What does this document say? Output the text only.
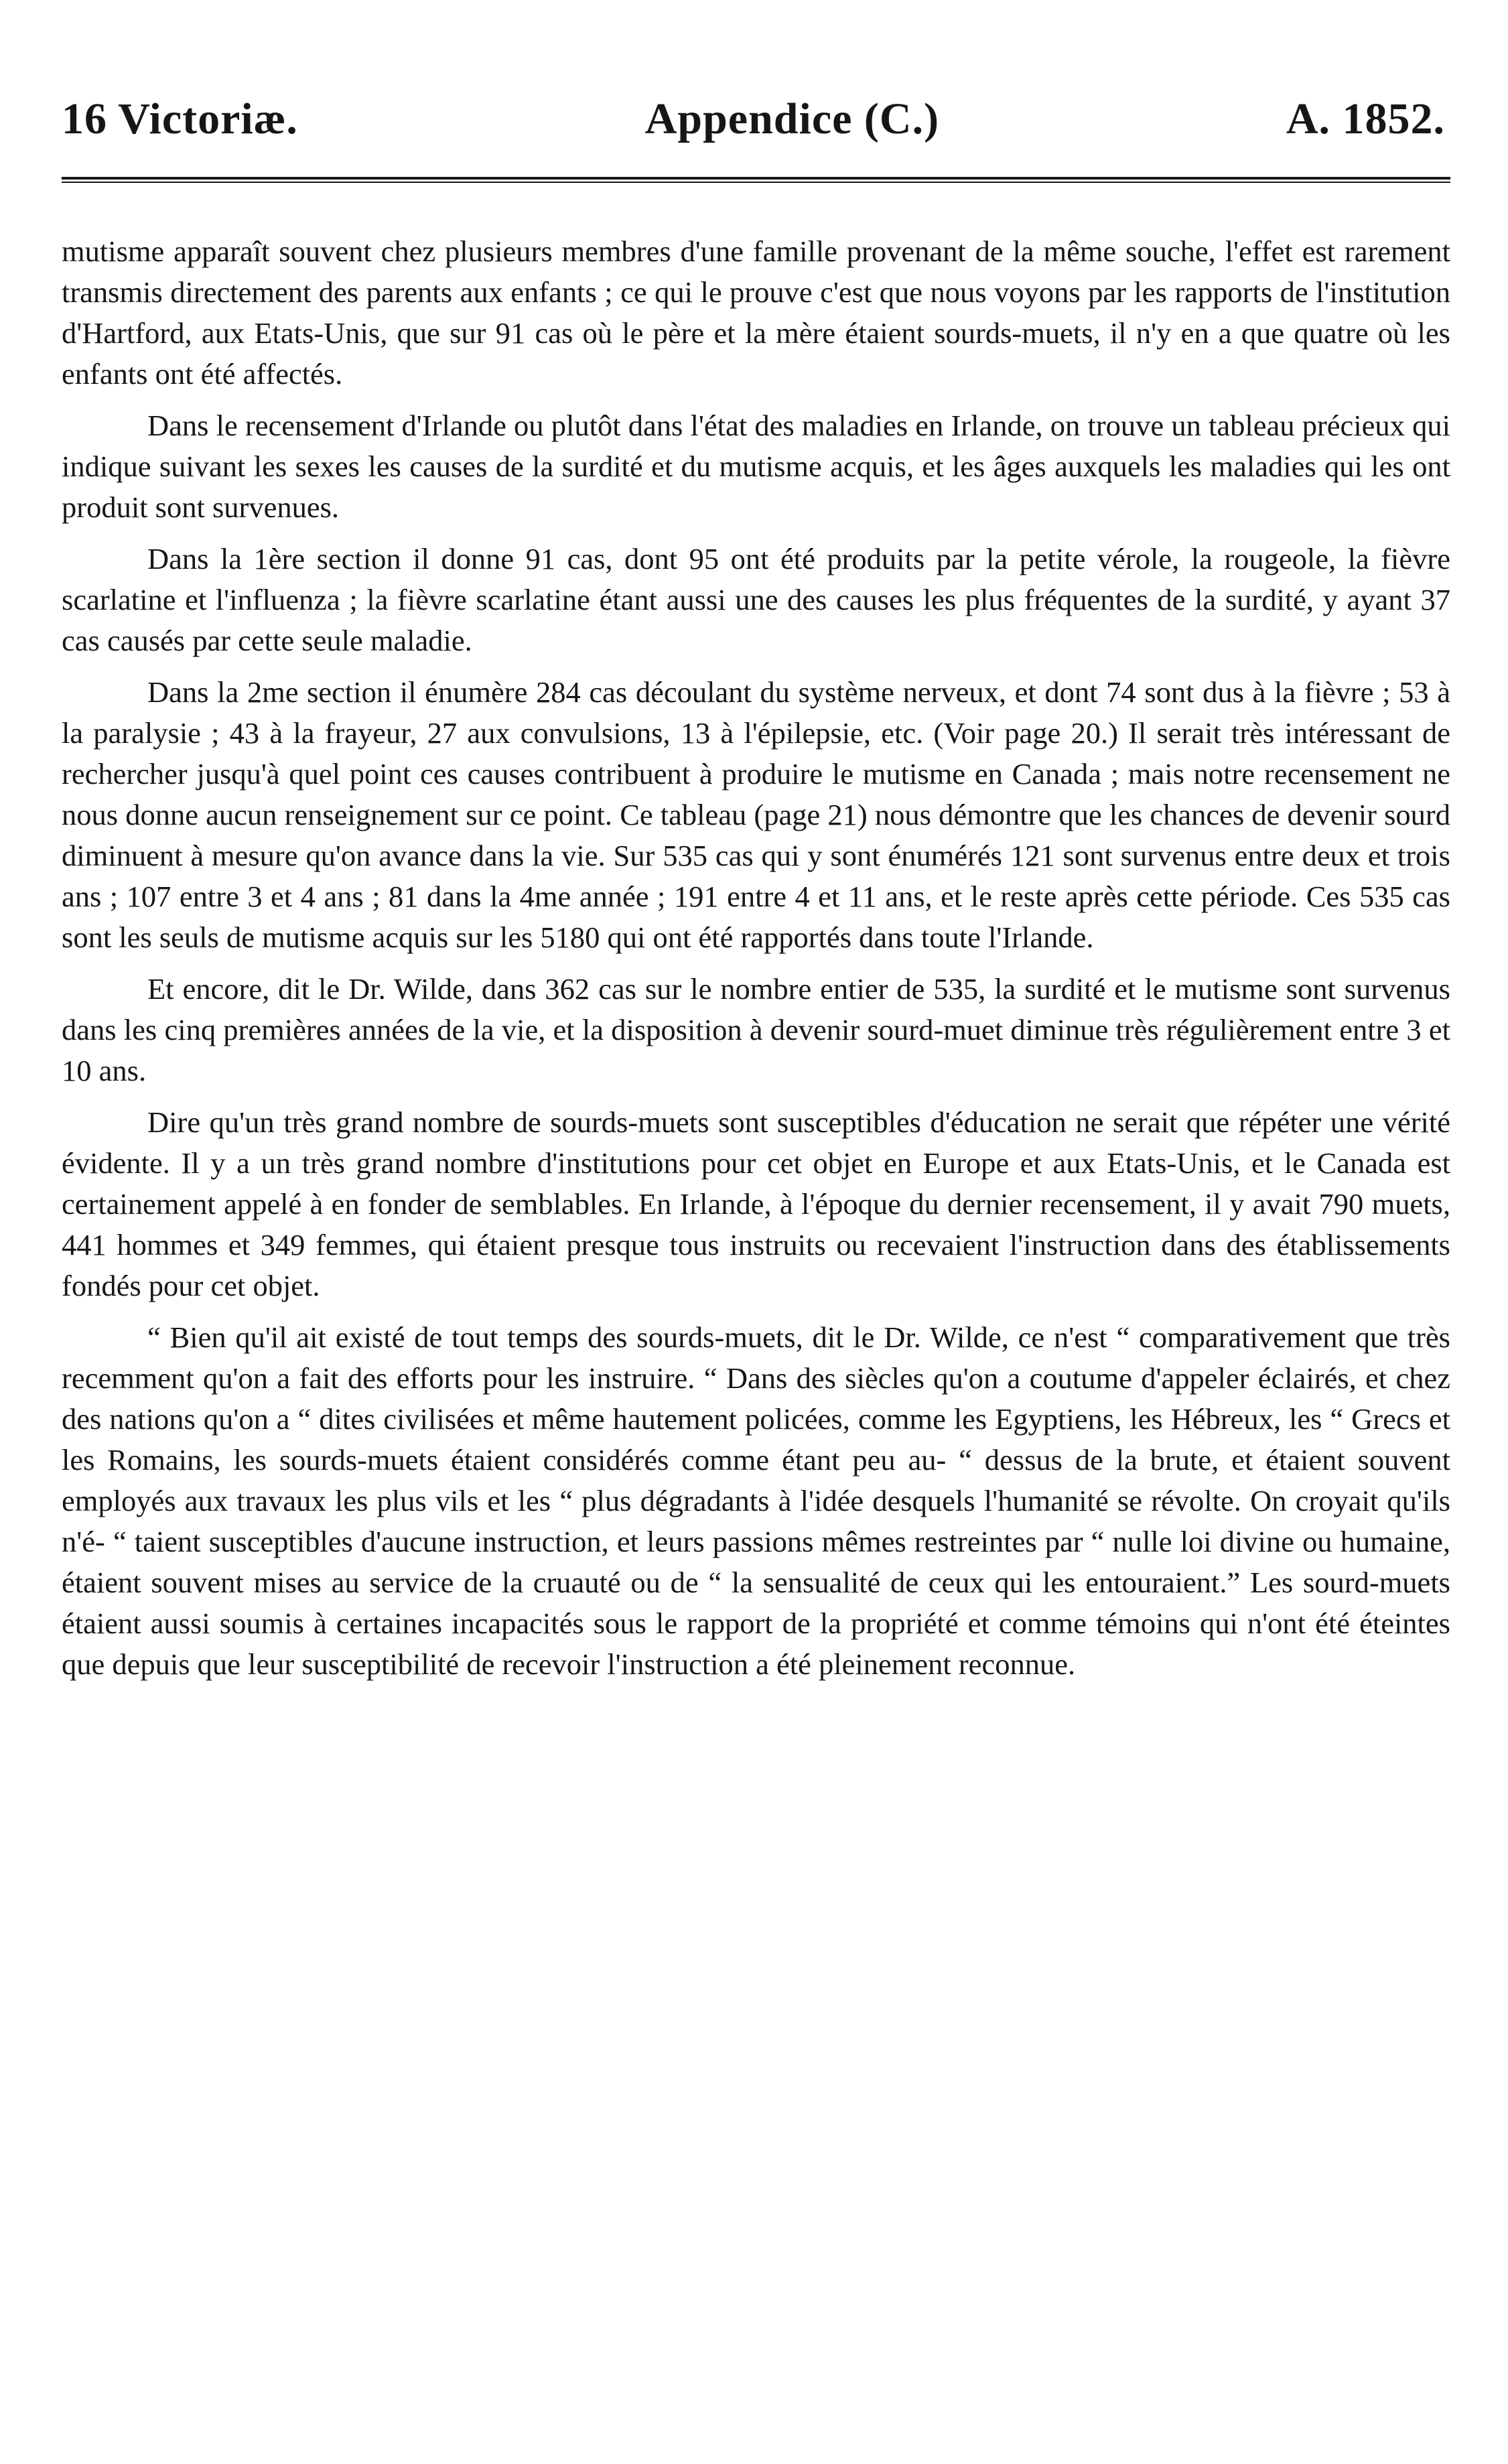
16 Victoriæ.	Appendice (C.)	A. 1852.

mutisme apparaît souvent chez plusieurs membres d'une famille provenant de la même souche, l'effet est rarement transmis directement des parents aux enfants ; ce qui le prouve c'est que nous voyons par les rapports de l'institution d'Hartford, aux Etats-Unis, que sur 91 cas où le père et la mère étaient sourds-muets, il n'y en a que quatre où les enfants ont été affectés.

Dans le recensement d'Irlande ou plutôt dans l'état des maladies en Irlande, on trouve un tableau précieux qui indique suivant les sexes les causes de la surdité et du mutisme acquis, et les âges auxquels les maladies qui les ont produit sont survenues.

Dans la 1ère section il donne 91 cas, dont 95 ont été produits par la petite vérole, la rougeole, la fièvre scarlatine et l'influenza ; la fièvre scarlatine étant aussi une des causes les plus fréquentes de la surdité, y ayant 37 cas causés par cette seule maladie.

Dans la 2me section il énumère 284 cas découlant du système nerveux, et dont 74 sont dus à la fièvre ; 53 à la paralysie ; 43 à la frayeur, 27 aux convulsions, 13 à l'épilepsie, etc. (Voir page 20.) Il serait très intéressant de rechercher jusqu'à quel point ces causes contribuent à produire le mutisme en Canada ; mais notre recensement ne nous donne aucun renseignement sur ce point. Ce tableau (page 21) nous démontre que les chances de devenir sourd diminuent à mesure qu'on avance dans la vie. Sur 535 cas qui y sont énumérés 121 sont survenus entre deux et trois ans ; 107 entre 3 et 4 ans ; 81 dans la 4me année ; 191 entre 4 et 11 ans, et le reste après cette période. Ces 535 cas sont les seuls de mutisme acquis sur les 5180 qui ont été rapportés dans toute l'Irlande.

Et encore, dit le Dr. Wilde, dans 362 cas sur le nombre entier de 535, la surdité et le mutisme sont survenus dans les cinq premières années de la vie, et la disposition à devenir sourd-muet diminue très régulièrement entre 3 et 10 ans.

Dire qu'un très grand nombre de sourds-muets sont susceptibles d'éducation ne serait que répéter une vérité évidente. Il y a un très grand nombre d'institutions pour cet objet en Europe et aux Etats-Unis, et le Canada est certainement appelé à en fonder de semblables. En Irlande, à l'époque du dernier recensement, il y avait 790 muets, 441 hommes et 349 femmes, qui étaient presque tous instruits ou recevaient l'instruction dans des établissements fondés pour cet objet.

“ Bien qu'il ait existé de tout temps des sourds-muets, dit le Dr. Wilde, ce n'est “ comparativement que très recemment qu'on a fait des efforts pour les instruire. “ Dans des siècles qu'on a coutume d'appeler éclairés, et chez des nations qu'on a “ dites civilisées et même hautement policées, comme les Egyptiens, les Hébreux, les “ Grecs et les Romains, les sourds-muets étaient considérés comme étant peu au- “ dessus de la brute, et étaient souvent employés aux travaux les plus vils et les “ plus dégradants à l'idée desquels l'humanité se révolte. On croyait qu'ils n'é- “ taient susceptibles d'aucune instruction, et leurs passions mêmes restreintes par “ nulle loi divine ou humaine, étaient souvent mises au service de la cruauté ou de “ la sensualité de ceux qui les entouraient.” Les sourd-muets étaient aussi soumis à certaines incapacités sous le rapport de la propriété et comme témoins qui n'ont été éteintes que depuis que leur susceptibilité de recevoir l'instruction a été pleinement reconnue.
